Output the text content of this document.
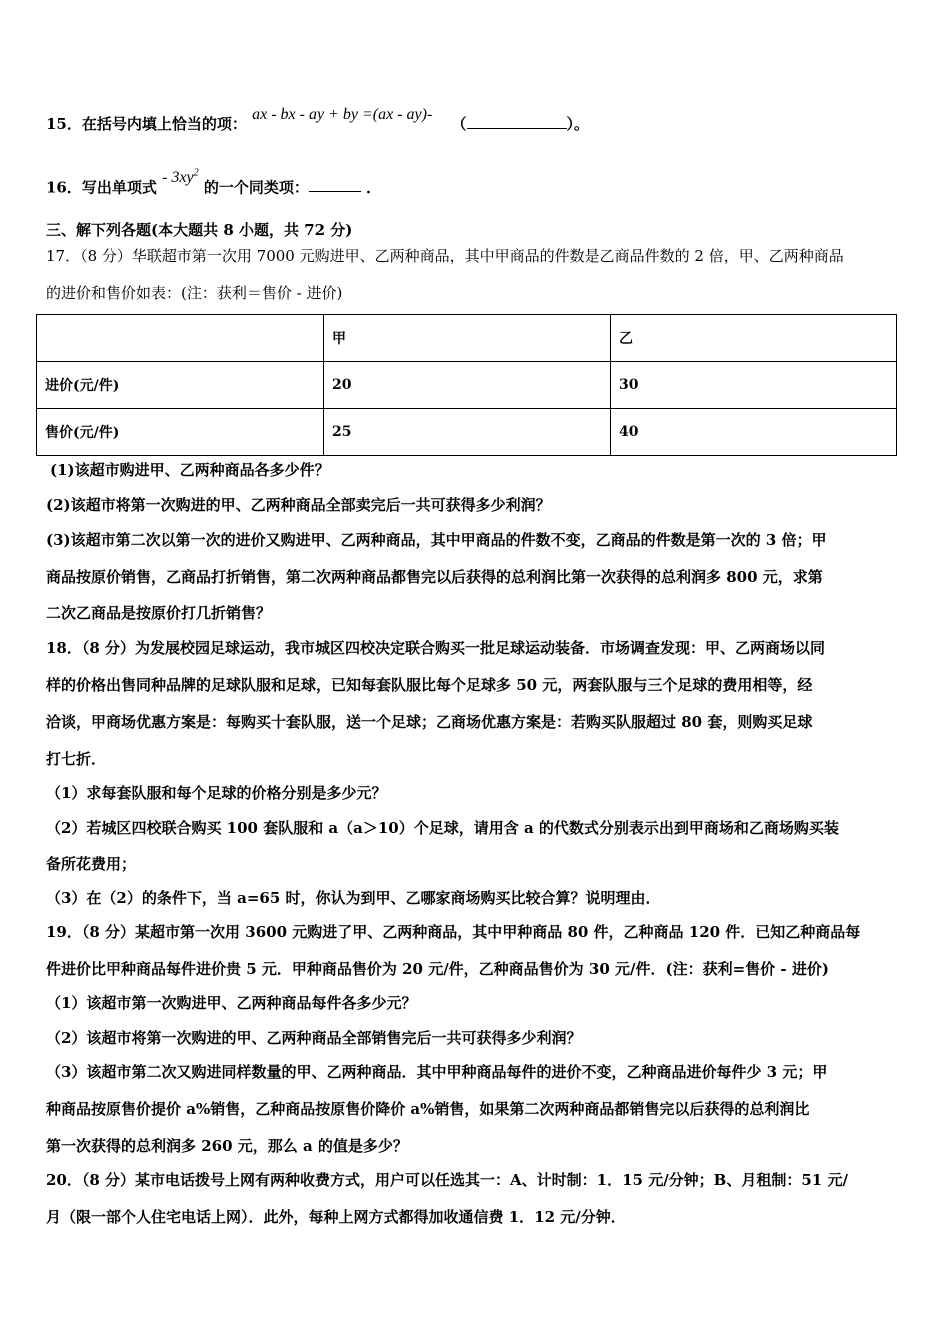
15．在括号内填上恰当的项： ax - bx - ay + by =(ax - ay)- （	）。
16．写出单项式 - $3xy^2$ 的一个同类项：	．
三、解下列各题(本大题共 8 小题，共 72 分)
17．（8 分）华联超市第一次用 7000 元购进甲、乙两种商品，其中甲商品的件数是乙商品件数的 2 倍，甲、乙两种商品
的进价和售价如表：(注：获利＝售价 - 进价)
	甲	乙
进价(元/件)	20	30
售价(元/件)	25	40
(1)该超市购进甲、乙两种商品各多少件？
(2)该超市将第一次购进的甲、乙两种商品全部卖完后一共可获得多少利润？
(3)该超市第二次以第一次的进价又购进甲、乙两种商品，其中甲商品的件数不变，乙商品的件数是第一次的 3 倍；甲
商品按原价销售，乙商品打折销售，第二次两种商品都售完以后获得的总利润比第一次获得的总利润多 800 元，求第
二次乙商品是按原价打几折销售？
18．（8 分）为发展校园足球运动，我市城区四校决定联合购买一批足球运动装备．市场调查发现：甲、乙两商场以同
样的价格出售同种品牌的足球队服和足球，已知每套队服比每个足球多 50 元，两套队服与三个足球的费用相等，经
洽谈，甲商场优惠方案是：每购买十套队服，送一个足球；乙商场优惠方案是：若购买队服超过 80 套，则购买足球
打七折．
（1）求每套队服和每个足球的价格分别是多少元？
（2）若城区四校联合购买 100 套队服和 a（a＞10）个足球，请用含 a 的代数式分别表示出到甲商场和乙商场购买装
备所花费用；
（3）在（2）的条件下，当 a=65 时，你认为到甲、乙哪家商场购买比较合算？说明理由．
19．（8 分）某超市第一次用 3600 元购进了甲、乙两种商品，其中甲种商品 80 件，乙种商品 120 件．已知乙种商品每
件进价比甲种商品每件进价贵 5 元．甲种商品售价为 20 元/件，乙种商品售价为 30 元/件．(注：获利=售价 - 进价)
（1）该超市第一次购进甲、乙两种商品每件各多少元？
（2）该超市将第一次购进的甲、乙两种商品全部销售完后一共可获得多少利润？
（3）该超市第二次又购进同样数量的甲、乙两种商品．其中甲种商品每件的进价不变，乙种商品进价每件少 3 元；甲
种商品按原售价提价 a%销售，乙种商品按原售价降价 a%销售，如果第二次两种商品都销售完以后获得的总利润比
第一次获得的总利润多 260 元，那么 a 的值是多少？
20．（8 分）某市电话拨号上网有两种收费方式，用户可以任选其一：A、计时制：1．15 元/分钟；B、月租制：51 元/
月（限一部个人住宅电话上网）．此外，每种上网方式都得加收通信费 1．12 元/分钟．
